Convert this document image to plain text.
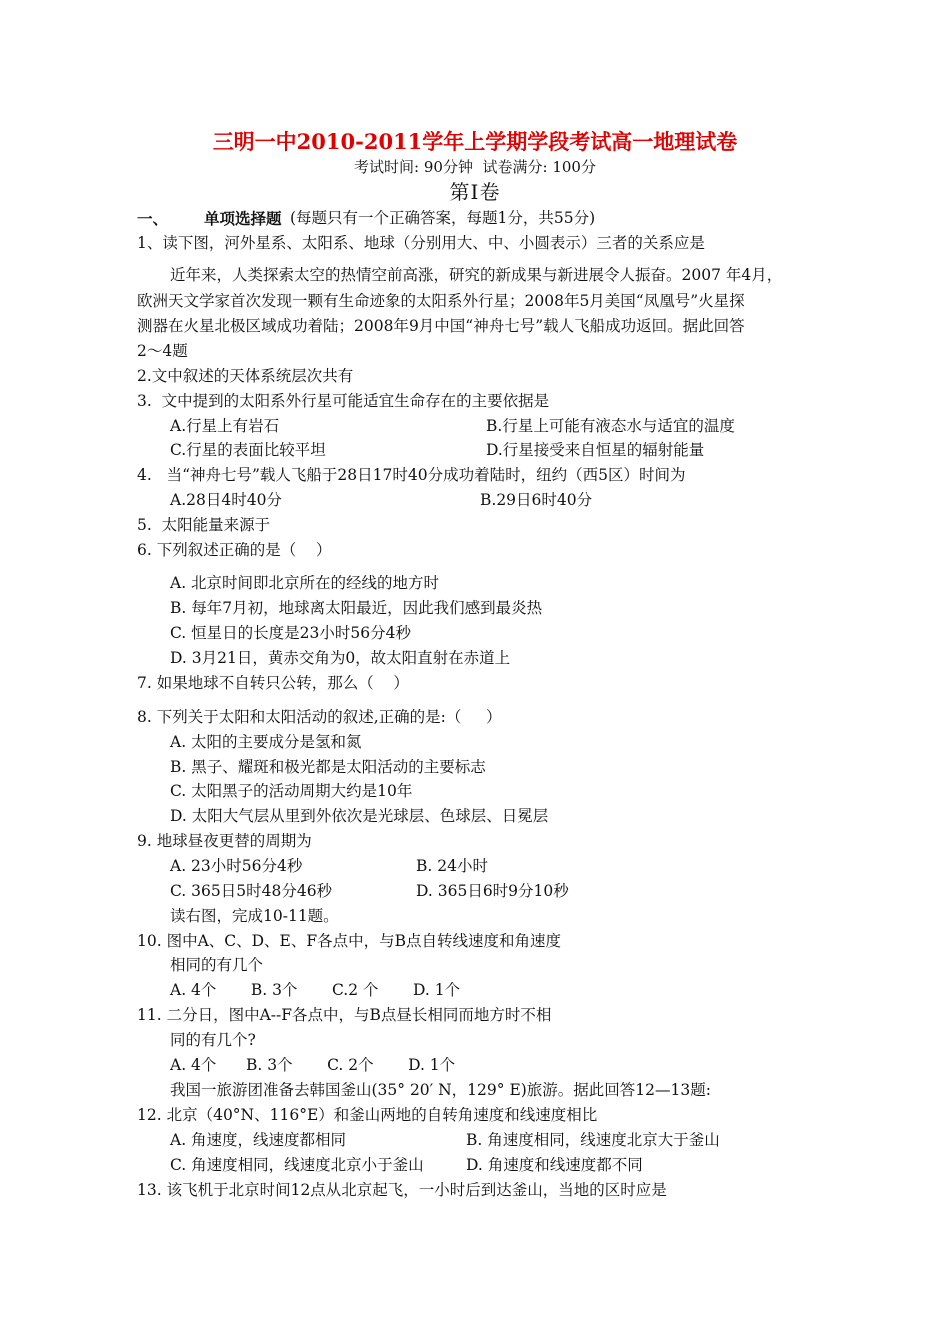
三明一中2010-2011学年上学期学段考试高一地理试卷
考试时间: 90分钟  试卷满分: 100分
第Ⅰ卷
一、 单项选择题 (每题只有一个正确答案，每题1分，共55分)
1、读下图，河外星系、太阳系、地球（分别用大、中、小圆表示）三者的关系应是
近年来，人类探索太空的热情空前高涨，研究的新成果与新进展令人振奋。2007 年4月，
欧洲天文学家首次发现一颗有生命迹象的太阳系外行星；2008年5月美国“凤凰号”火星探
测器在火星北极区域成功着陆；2008年9月中国“神舟七号”载人飞船成功返回。据此回答
2～4题
2.文中叙述的天体系统层次共有
3.  文中提到的太阳系外行星可能适宜生命存在的主要依据是
A.行星上有岩石	B.行星上可能有液态水与适宜的温度
C.行星的表面比较平坦	D.行星接受来自恒星的辐射能量
4.   当“神舟七号”载人飞船于28日17时40分成功着陆时，纽约（西5区）时间为
A.28日4时40分	B.29日6时40分
5.  太阳能量来源于
6. 下列叙述正确的是（    ）
A. 北京时间即北京所在的经线的地方时
B. 每年7月初，地球离太阳最近，因此我们感到最炎热
C. 恒星日的长度是23小时56分4秒
D. 3月21日，黄赤交角为0，故太阳直射在赤道上
7. 如果地球不自转只公转，那么（    ）
8. 下列关于太阳和太阳活动的叙述,正确的是:（     ）
A. 太阳的主要成分是氢和氮
B. 黑子、耀斑和极光都是太阳活动的主要标志
C. 太阳黑子的活动周期大约是10年
D. 太阳大气层从里到外依次是光球层、色球层、日冕层
9. 地球昼夜更替的周期为
A. 23小时56分4秒	B. 24小时
C. 365日5时48分46秒	D. 365日6时9分10秒
读右图，完成10-11题。
10. 图中A、C、D、E、F各点中，与B点自转线速度和角速度
相同的有几个
A. 4个       B. 3个       C.2 个       D. 1个
11. 二分日，图中A--F各点中，与B点昼长相同而地方时不相
同的有几个?
A. 4个      B. 3个       C. 2个       D. 1个
我国一旅游团准备去韩国釜山(35° 20′ N，129° E)旅游。据此回答12—13题:
12. 北京（40°N、116°E）和釜山两地的自转角速度和线速度相比
A. 角速度，线速度都相同	B. 角速度相同，线速度北京大于釜山
C. 角速度相同，线速度北京小于釜山	D. 角速度和线速度都不同
13. 该飞机于北京时间12点从北京起飞，一小时后到达釜山，当地的区时应是
